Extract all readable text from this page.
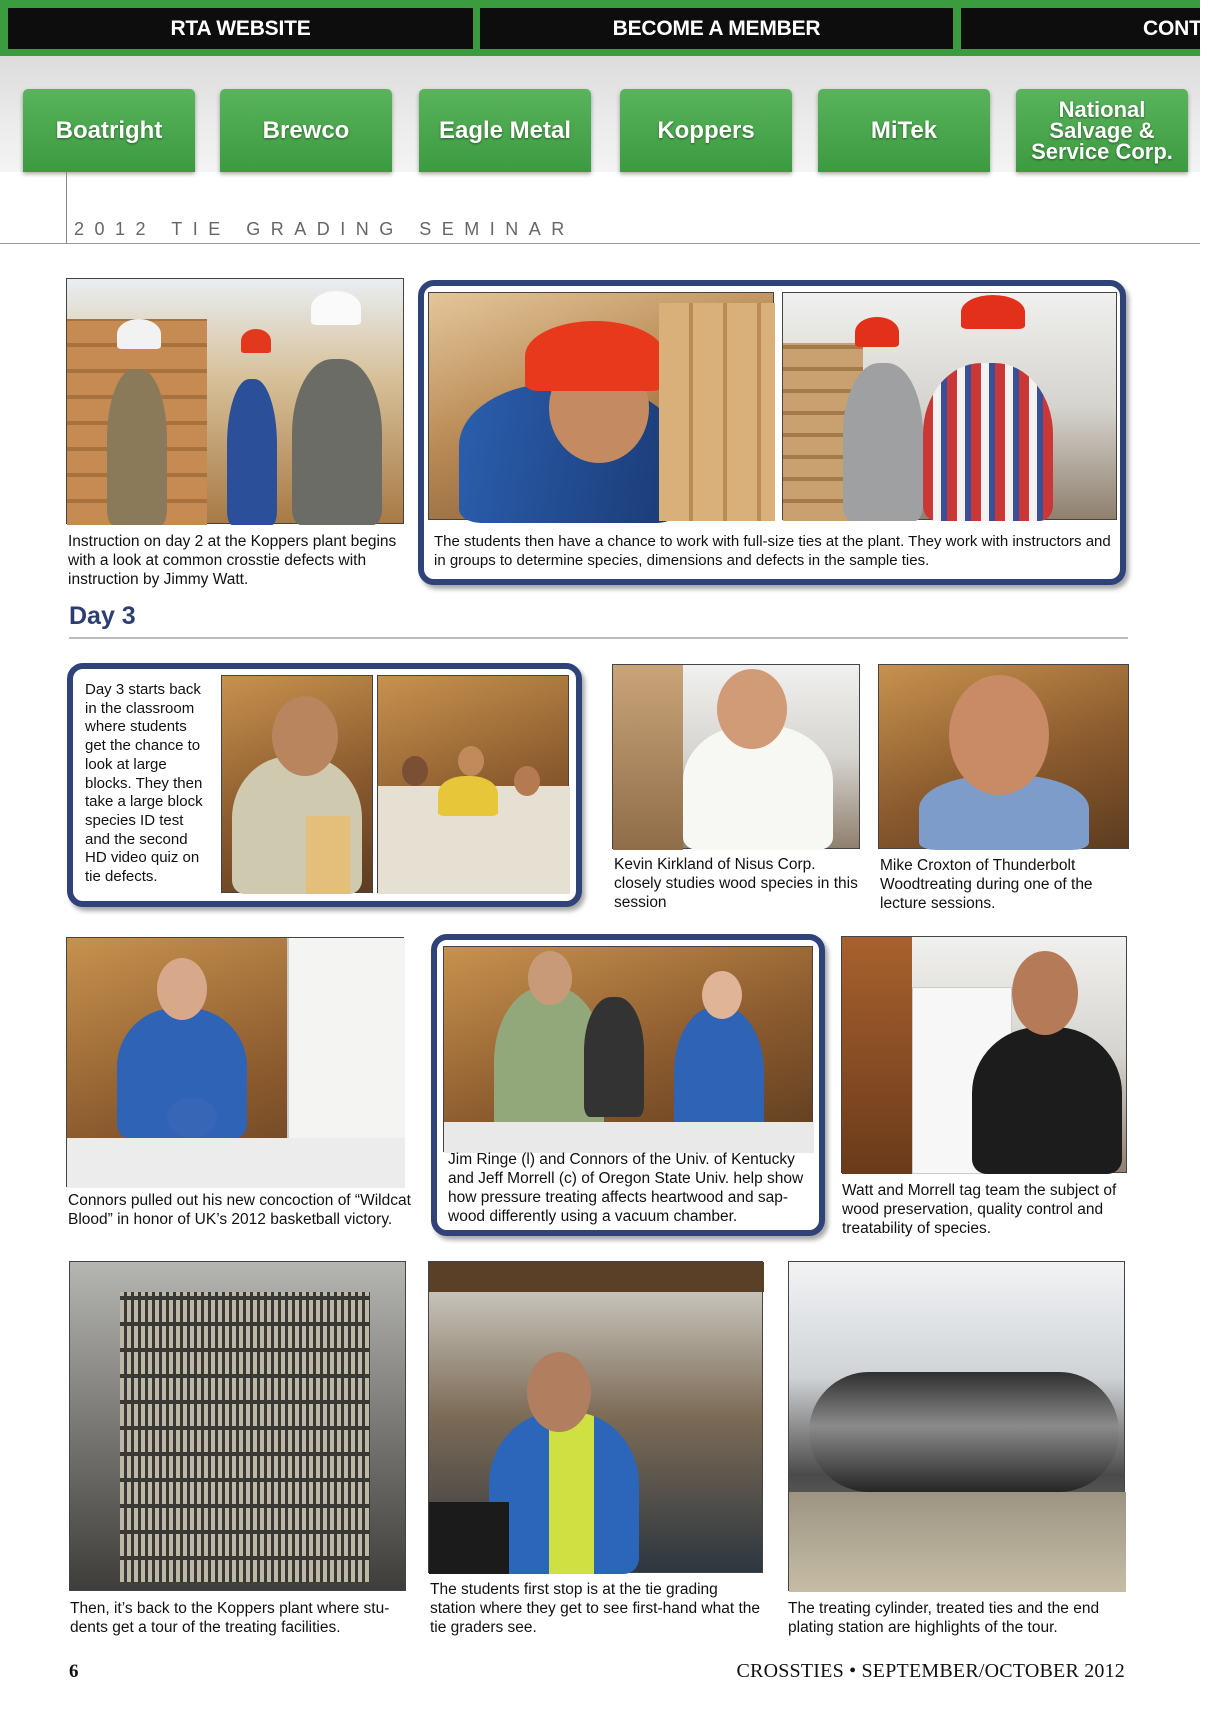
RTA WEBSITE	BECOME A MEMBER	CONTA
Boatright	Brewco	Eagle Metal	Koppers	MiTek
National Salvage & Service Corp.
2012 TIE GRADING SEMINAR
Instruction on day 2 at the Koppers plant begins with a look at common crosstie defects with instruction by Jimmy Watt.
The students then have a chance to work with full-size ties at the plant. They work with instructors and in groups to determine species, dimensions and defects in the sample ties.
Day 3
Day 3 starts back in the classroom where students get the chance to look at large blocks. They then take a large block species ID test and the second HD video quiz on tie defects.
Kevin Kirkland of Nisus Corp. closely studies wood species in this session
Mike Croxton of Thunderbolt Woodtreating during one of the lecture sessions.
Connors pulled out his new concoction of “Wildcat Blood” in honor of UK’s 2012 basketball victory.
Jim Ringe (l) and Connors of the Univ. of Kentucky and Jeff Morrell (c) of Oregon State Univ. help show how pressure treating affects heartwood and sap-wood differently using a vacuum chamber.
Watt and Morrell tag team the subject of wood preservation, quality control and treatability of species.
Then, it’s back to the Koppers plant where stu-dents get a tour of the treating facilities.
The students first stop is at the tie grading station where they get to see first-hand what the tie graders see.
The treating cylinder, treated ties and the end plating station are highlights of the tour.
6	CROSSTIES • SEPTEMBER/OCTOBER 2012
